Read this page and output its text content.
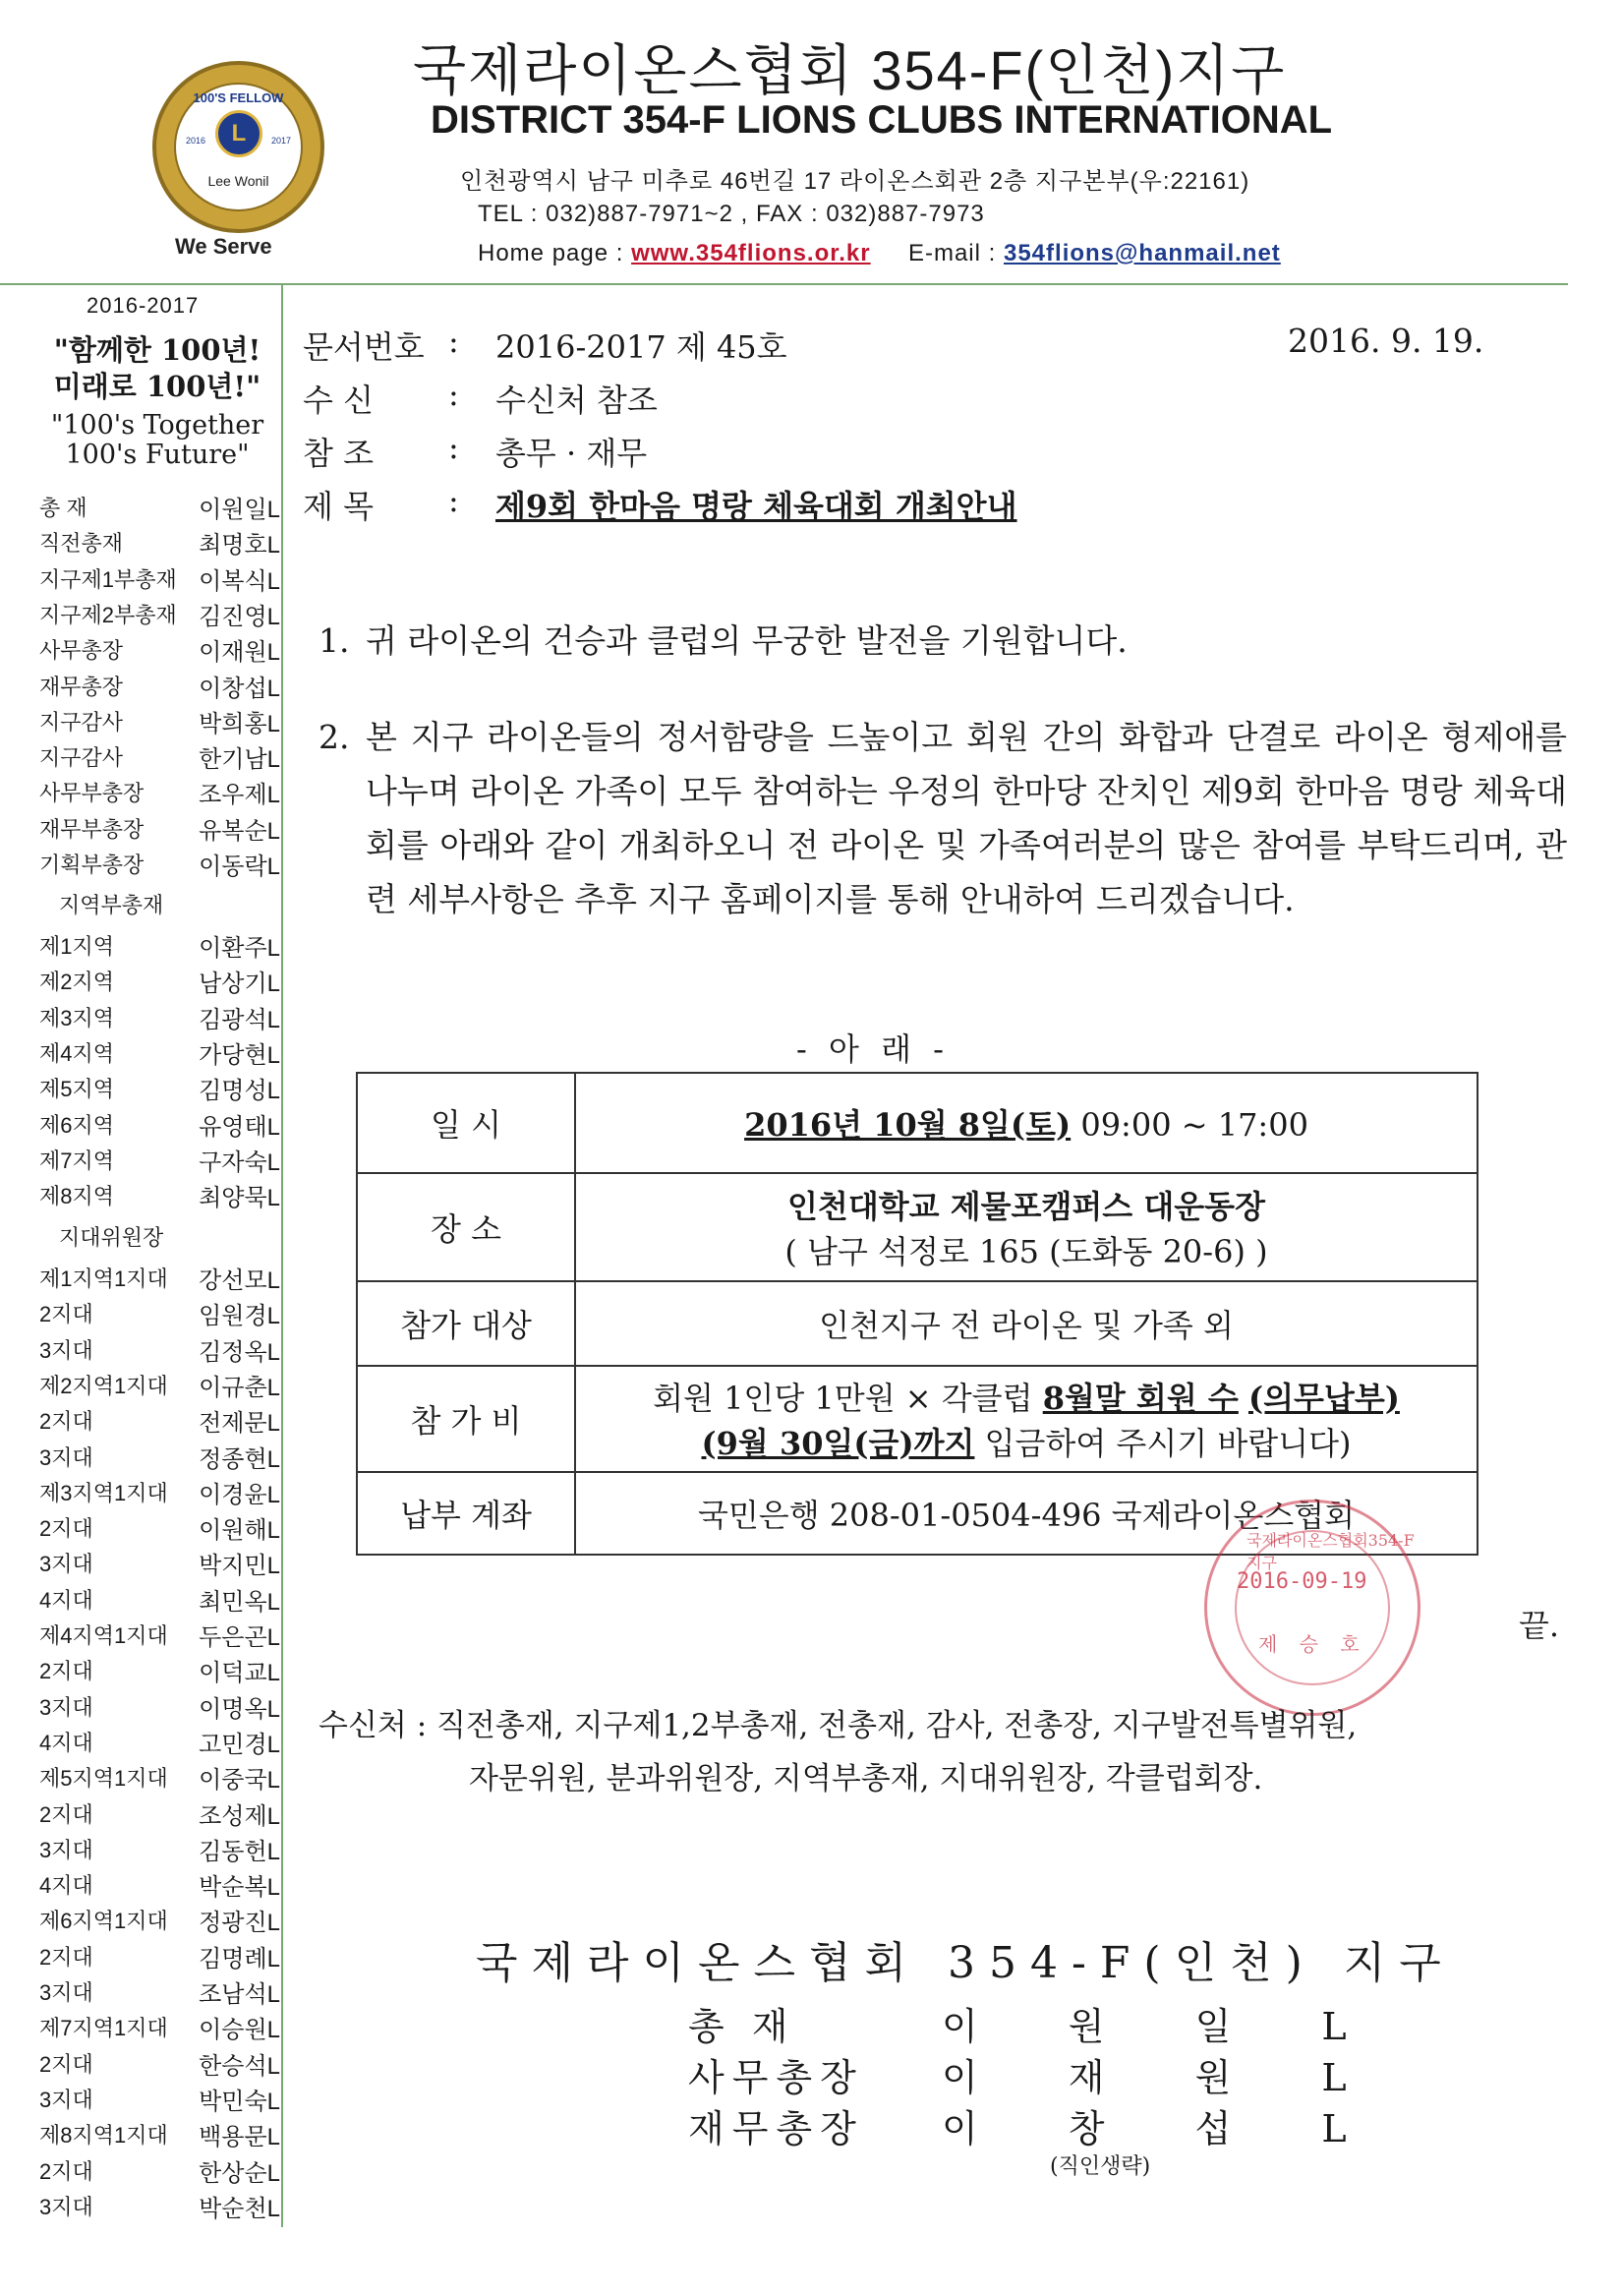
100'S FELLOW
L
2016	2017
Lee Wonil
We Serve
국제라이온스협회 354-F(인천)지구
DISTRICT 354-F LIONS CLUBS INTERNATIONAL
인천광역시 남구 미추로 46번길 17 라이온스회관 2층 지구본부(우:22161)
TEL : 032)887-7971~2 , FAX : 032)887-7973
Home page : www.354flions.or.kr E-mail : 354flions@hanmail.net
2016-2017
"함께한 100년! 미래로 100년!"
"100's Together 100's Future"
총 재	이원일L
직전총재	최명호L
지구제1부총재 이복식L
지구제2부총재 김진영L
사무총장	이재원L
재무총장	이창섭L
지구감사	박희홍L
지구감사	한기남L
사무부총장 조우제L
재무부총장 유복순L
기획부총장 이동락L
지역부총재
제1지역	이환주L
제2지역	남상기L
제3지역	김광석L
제4지역	가당현L
제5지역	김명성L
제6지역	유영태L
제7지역	구자숙L
제8지역	최양묵L
지대위원장
제1지역1지대 강선모L
2지대	임원경L
3지대	김정옥L
제2지역1지대 이규춘L
2지대	전제문L
3지대	정종현L
제3지역1지대 이경윤L
2지대	이원해L
3지대	박지민L
4지대	최민옥L
제4지역1지대 두은곤L
2지대	이덕교L
3지대	이명옥L
4지대	고민경L
제5지역1지대 이중국L
2지대	조성제L
3지대	김동헌L
4지대	박순복L
제6지역1지대 정광진L
2지대	김명례L
3지대	조남석L
제7지역1지대 이승원L
2지대	한승석L
3지대	박민숙L
제8지역1지대 백용문L
2지대	한상순L
3지대	박순천L
문서번호 : 2016-2017 제 45호
수 신 : 수신처 참조
참 조 : 총무 · 재무
제 목 : 제9회 한마음 명랑 체육대회 개최안내
2016. 9. 19.
1. 귀 라이온의 건승과 클럽의 무궁한 발전을 기원합니다.
2. 본 지구 라이온들의 정서함량을 드높이고 회원 간의 화합과 단결로 라이온 형제애를 나누며 라이온 가족이 모두 참여하는 우정의 한마당 잔치인 제9회 한마음 명랑 체육대회를 아래와 같이 개최하오니 전 라이온 및 가족여러분의 많은 참여를 부탁드리며, 관련 세부사항은 추후 지구 홈페이지를 통해 안내하여 드리겠습니다.
- 아 래 -
일 시	2016년 10월 8일(토) 09:00 ~ 17:00
장 소	인천대학교 제물포캠퍼스 대운동장
( 남구 석정로 165 (도화동 20-6) )

참가 대상	인천지구 전 라이온 및 가족 외
참 가 비	회원 1인당 1만원 × 각클럽 8월말 회원 수 (의무납부)
(9월 30일(금)까지 입금하여 주시기 바랍니다)

납부 계좌	국민은행 208-01-0504-496 국제라이온스협회
국제라이온스협회354-F지구
2016-09-19
제 승 호	끝.
수신처 : 직전총재, 지구제1,2부총재, 전총재, 감사, 전총장, 지구발전특별위원,
자문위원, 분과위원장, 지역부총재, 지대위원장, 각클럽회장.
국제라이온스협회 354-F(인천) 지구
총 재	이 원 일 L
사무총장 이 재 원 L
재무총장 이 창 섭 L
(직인생략)
